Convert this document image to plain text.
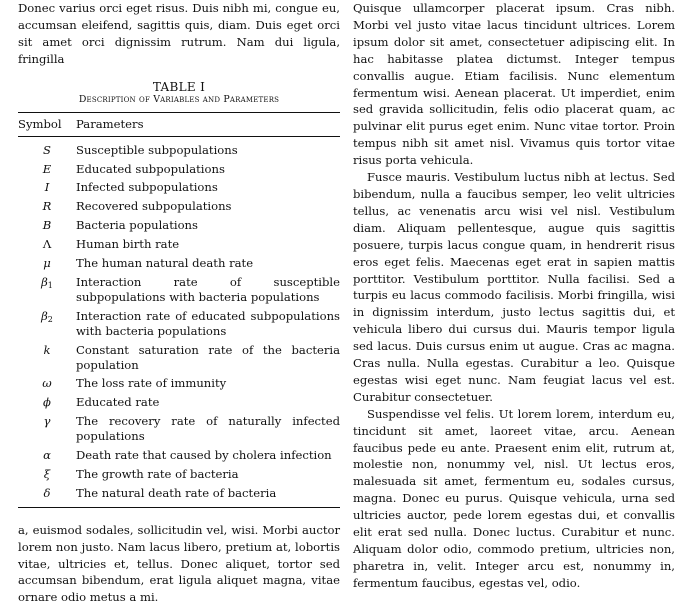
Donec varius orci eget risus. Duis nibh mi, congue eu, accumsan eleifend, sagittis quis, diam. Duis eget orci sit amet orci dignissim rutrum. Nam dui ligula, fringilla

TABLE I
Description of Variables and Parameters
Symbol	Parameters
S	Susceptible subpopulations
E	Educated subpopulations
I	Infected subpopulations
R	Recovered subpopulations
B	Bacteria populations
Λ	Human birth rate
μ	The human natural death rate
$\beta_1$	Interaction rate of susceptible subpopulations with bacteria populations
$\beta_2$	Interaction rate of educated subpopulations with bacteria populations
k	Constant saturation rate of the bacteria population
ω	The loss rate of immunity
ϕ	Educated rate
γ	The recovery rate of naturally infected populations
α	Death rate that caused by cholera infection
ξ	The growth rate of bacteria
δ	The natural death rate of bacteria

a, euismod sodales, sollicitudin vel, wisi. Morbi auctor lorem non justo. Nam lacus libero, pretium at, lobortis vitae, ultricies et, tellus. Donec aliquet, tortor sed accumsan bibendum, erat ligula aliquet magna, vitae ornare odio metus a mi.

Quisque ullamcorper placerat ipsum. Cras nibh. Morbi vel justo vitae lacus tincidunt ultrices. Lorem ipsum dolor sit amet, consectetuer adipiscing elit. In hac habitasse platea dictumst. Integer tempus convallis augue. Etiam facilisis. Nunc elementum fermentum wisi. Aenean placerat. Ut imperdiet, enim sed gravida sollicitudin, felis odio placerat quam, ac pulvinar elit purus eget enim. Nunc vitae tortor. Proin tempus nibh sit amet nisl. Vivamus quis tortor vitae risus porta vehicula.

Fusce mauris. Vestibulum luctus nibh at lectus. Sed bibendum, nulla a faucibus semper, leo velit ultricies tellus, ac venenatis arcu wisi vel nisl. Vestibulum diam. Aliquam pellentesque, augue quis sagittis posuere, turpis lacus congue quam, in hendrerit risus eros eget felis. Maecenas eget erat in sapien mattis porttitor. Vestibulum porttitor. Nulla facilisi. Sed a turpis eu lacus commodo facilisis. Morbi fringilla, wisi in dignissim interdum, justo lectus sagittis dui, et vehicula libero dui cursus dui. Mauris tempor ligula sed lacus. Duis cursus enim ut augue. Cras ac magna. Cras nulla. Nulla egestas. Curabitur a leo. Quisque egestas wisi eget nunc. Nam feugiat lacus vel est. Curabitur consectetuer.

Suspendisse vel felis. Ut lorem lorem, interdum eu, tincidunt sit amet, laoreet vitae, arcu. Aenean faucibus pede eu ante. Praesent enim elit, rutrum at, molestie non, nonummy vel, nisl. Ut lectus eros, malesuada sit amet, fermentum eu, sodales cursus, magna. Donec eu purus. Quisque vehicula, urna sed ultricies auctor, pede lorem egestas dui, et convallis elit erat sed nulla. Donec luctus. Curabitur et nunc. Aliquam dolor odio, commodo pretium, ultricies non, pharetra in, velit. Integer arcu est, nonummy in, fermentum faucibus, egestas vel, odio.
